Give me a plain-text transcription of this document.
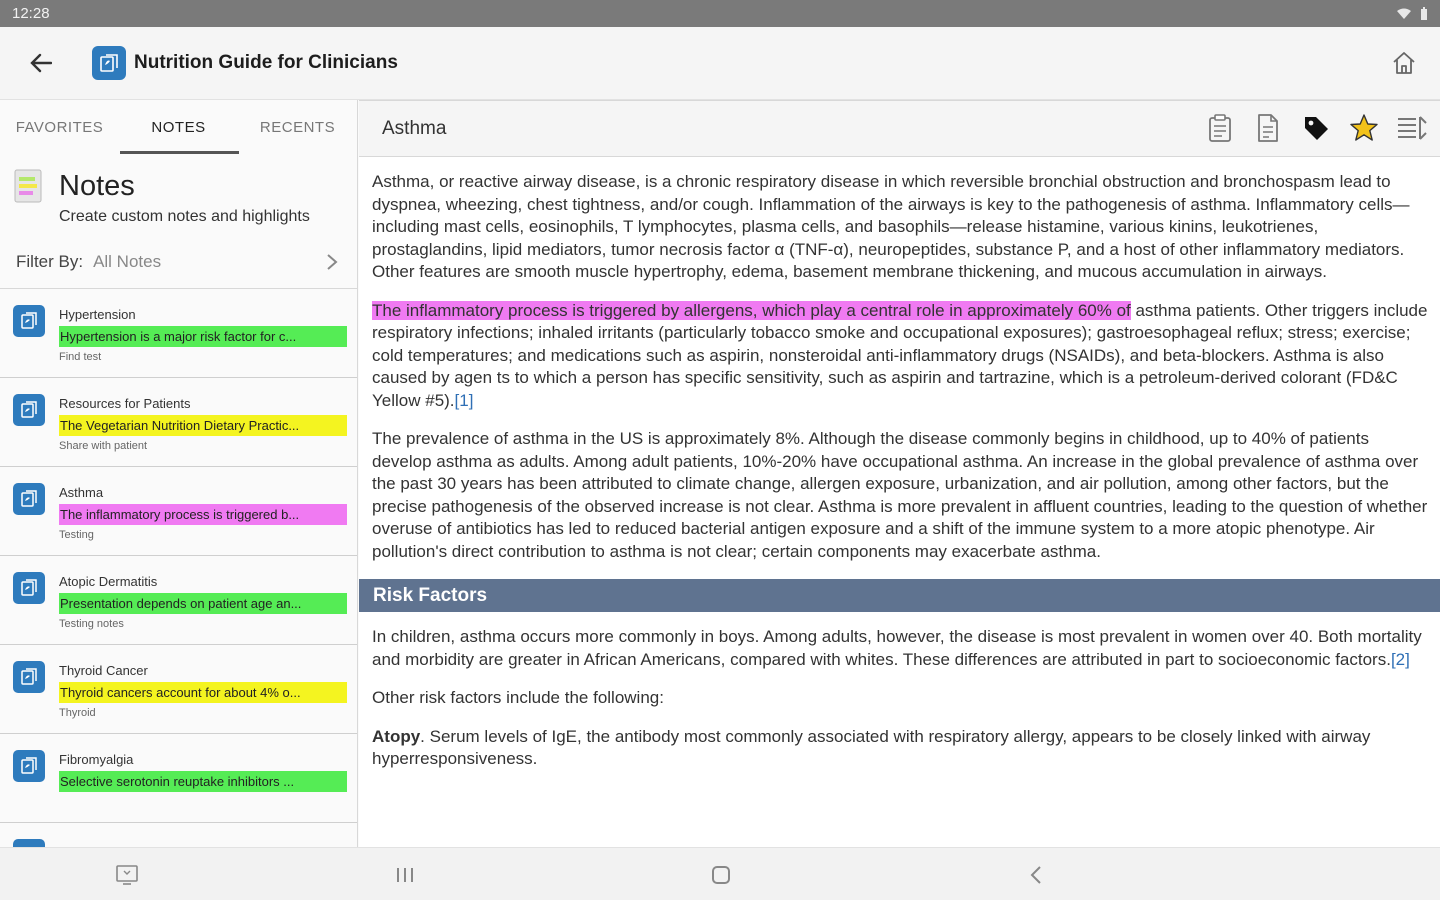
12:28
Nutrition Guide for Clinicians
FAVORITES	NOTES	RECENTS
Notes
Create custom notes and highlights
Filter By: All Notes
Hypertension
Hypertension is a major risk factor for c...
Find test
Resources for Patients
The Vegetarian Nutrition Dietary Practic...
Share with patient
Asthma
The inflammatory process is triggered b...
Testing
Atopic Dermatitis
Presentation depends on patient age an...
Testing notes
Thyroid Cancer
Thyroid cancers account for about 4% o...
Thyroid
Fibromyalgia
Selective serotonin reuptake inhibitors ...
Asthma

Asthma, or reactive airway disease, is a chronic respiratory disease in which reversible bronchial obstruction and bronchospasm lead to dyspnea, wheezing, chest tightness, and/or cough. Inflammation of the airways is key to the pathogenesis of asthma. Inflammatory cells—including mast cells, eosinophils, T lymphocytes, plasma cells, and basophils—release histamine, various kinins, leukotrienes, prostaglandins, lipid mediators, tumor necrosis factor α (TNF-α), neuropeptides, substance P, and a host of other inflammatory mediators. Other features are smooth muscle hypertrophy, edema, basement membrane thickening, and mucous accumulation in airways.

The inflammatory process is triggered by allergens, which play a central role in approximately 60% of asthma patients. Other triggers include respiratory infections; inhaled irritants (particularly tobacco smoke and occupational exposures); gastroesophageal reflux; stress; exercise; cold temperatures; and medications such as aspirin, nonsteroidal anti-inflammatory drugs (NSAIDs), and beta-blockers. Asthma is also caused by agen ts to which a person has specific sensitivity, such as aspirin and tartrazine, which is a petroleum-derived colorant (FD&C Yellow #5).[1]

The prevalence of asthma in the US is approximately 8%. Although the disease commonly begins in childhood, up to 40% of patients develop asthma as adults. Among adult patients, 10%-20% have occupational asthma. An increase in the global prevalence of asthma over the past 30 years has been attributed to climate change, allergen exposure, urbanization, and air pollution, among other factors, but the precise pathogenesis of the observed increase is not clear. Asthma is more prevalent in affluent countries, leading to the question of whether overuse of antibiotics has led to reduced bacterial antigen exposure and a shift of the immune system to a more atopic phenotype. Air pollution's direct contribution to asthma is not clear; certain components may exacerbate asthma.

Risk Factors

In children, asthma occurs more commonly in boys. Among adults, however, the disease is most prevalent in women over 40. Both mortality and morbidity are greater in African Americans, compared with whites. These differences are attributed in part to socioeconomic factors.[2]

Other risk factors include the following:

Atopy. Serum levels of IgE, the antibody most commonly associated with respiratory allergy, appears to be closely linked with airway hyperresponsiveness.
